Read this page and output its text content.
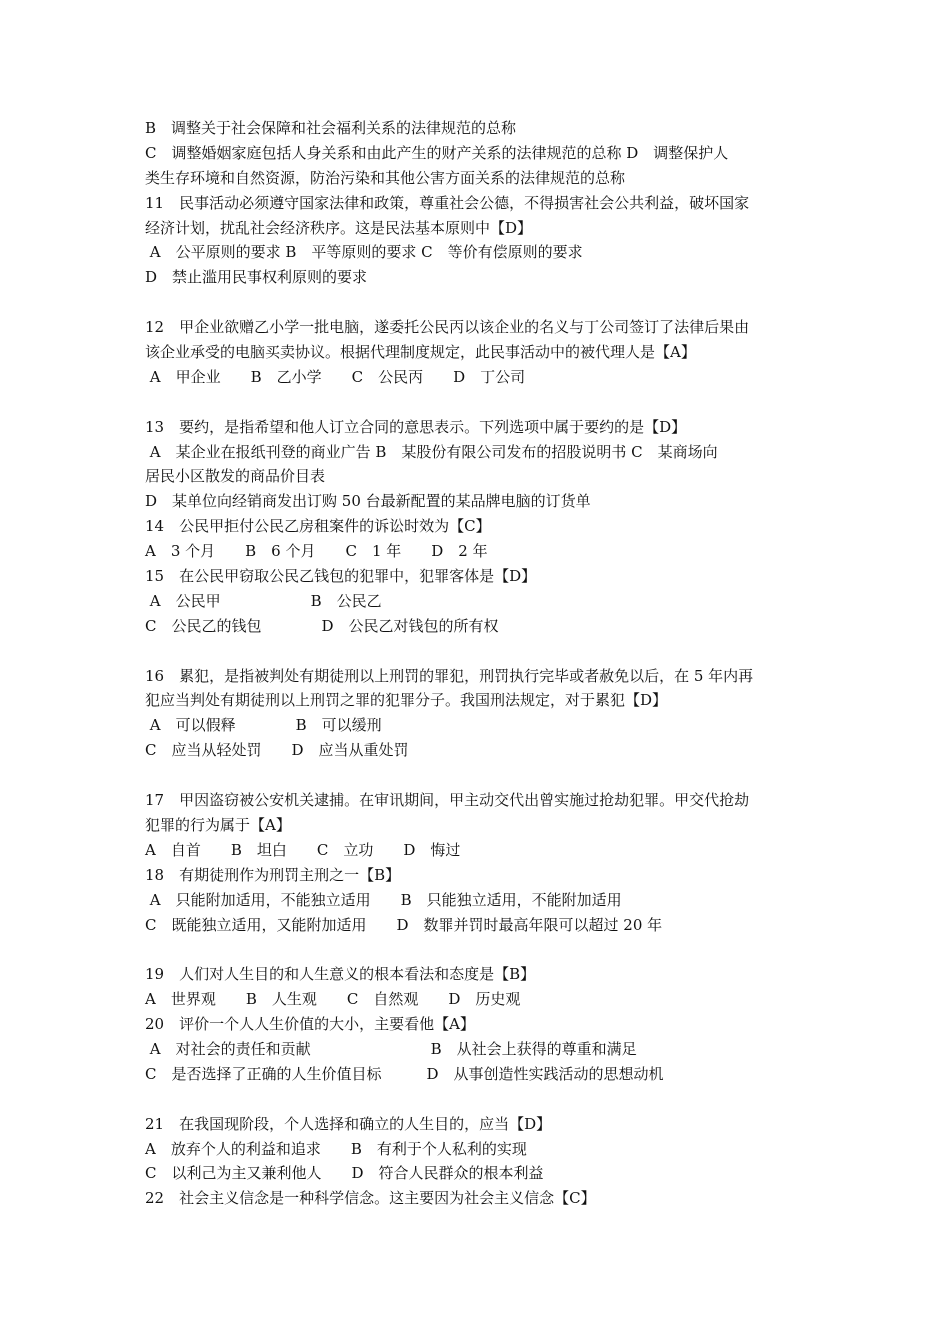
B　调整关于社会保障和社会福利关系的法律规范的总称
C　调整婚姻家庭包括人身关系和由此产生的财产关系的法律规范的总称 D　调整保护人
类生存环境和自然资源，防治污染和其他公害方面关系的法律规范的总称
11　民事活动必须遵守国家法律和政策，尊重社会公德，不得损害社会公共利益，破坏国家
经济计划，扰乱社会经济秩序。这是民法基本原则中【D】
A　公平原则的要求 B　平等原则的要求 C　等价有偿原则的要求
D　禁止滥用民事权利原则的要求
12　甲企业欲赠乙小学一批电脑，遂委托公民丙以该企业的名义与丁公司签订了法律后果由
该企业承受的电脑买卖协议。根据代理制度规定，此民事活动中的被代理人是【A】
A　甲企业　　B　乙小学　　C　公民丙　　D　丁公司
13　要约，是指希望和他人订立合同的意思表示。下列选项中属于要约的是【D】
A　某企业在报纸刊登的商业广告 B　某股份有限公司发布的招股说明书 C　某商场向
居民小区散发的商品价目表
D　某单位向经销商发出订购 50 台最新配置的某品牌电脑的订货单
14　公民甲拒付公民乙房租案件的诉讼时效为【C】
A　3 个月　　B　6 个月　　C　1 年　　D　2 年
15　在公民甲窃取公民乙钱包的犯罪中，犯罪客体是【D】
A　公民甲　　　　　　B　公民乙
C　公民乙的钱包　　　　D　公民乙对钱包的所有权
16　累犯，是指被判处有期徒刑以上刑罚的罪犯，刑罚执行完毕或者赦免以后，在 5 年内再
犯应当判处有期徒刑以上刑罚之罪的犯罪分子。我国刑法规定，对于累犯【D】
A　可以假释　　　　B　可以缓刑
C　应当从轻处罚　　D　应当从重处罚
17　甲因盗窃被公安机关逮捕。在审讯期间，甲主动交代出曾实施过抢劫犯罪。甲交代抢劫
犯罪的行为属于【A】
A　自首　　B　坦白　　C　立功　　D　悔过
18　有期徒刑作为刑罚主刑之一【B】
A　只能附加适用，不能独立适用　　B　只能独立适用，不能附加适用
C　既能独立适用，又能附加适用　　D　数罪并罚时最高年限可以超过 20 年
19　人们对人生目的和人生意义的根本看法和态度是【B】
A　世界观　　B　人生观　　C　自然观　　D　历史观
20　评价一个人人生价值的大小，主要看他【A】
A　对社会的责任和贡献　　　　　　　　B　从社会上获得的尊重和满足
C　是否选择了正确的人生价值目标　　　D　从事创造性实践活动的思想动机
21　在我国现阶段，个人选择和确立的人生目的，应当【D】
A　放弃个人的利益和追求　　B　有利于个人私利的实现
C　以利己为主又兼利他人　　D　符合人民群众的根本利益
22　社会主义信念是一种科学信念。这主要因为社会主义信念【C】
